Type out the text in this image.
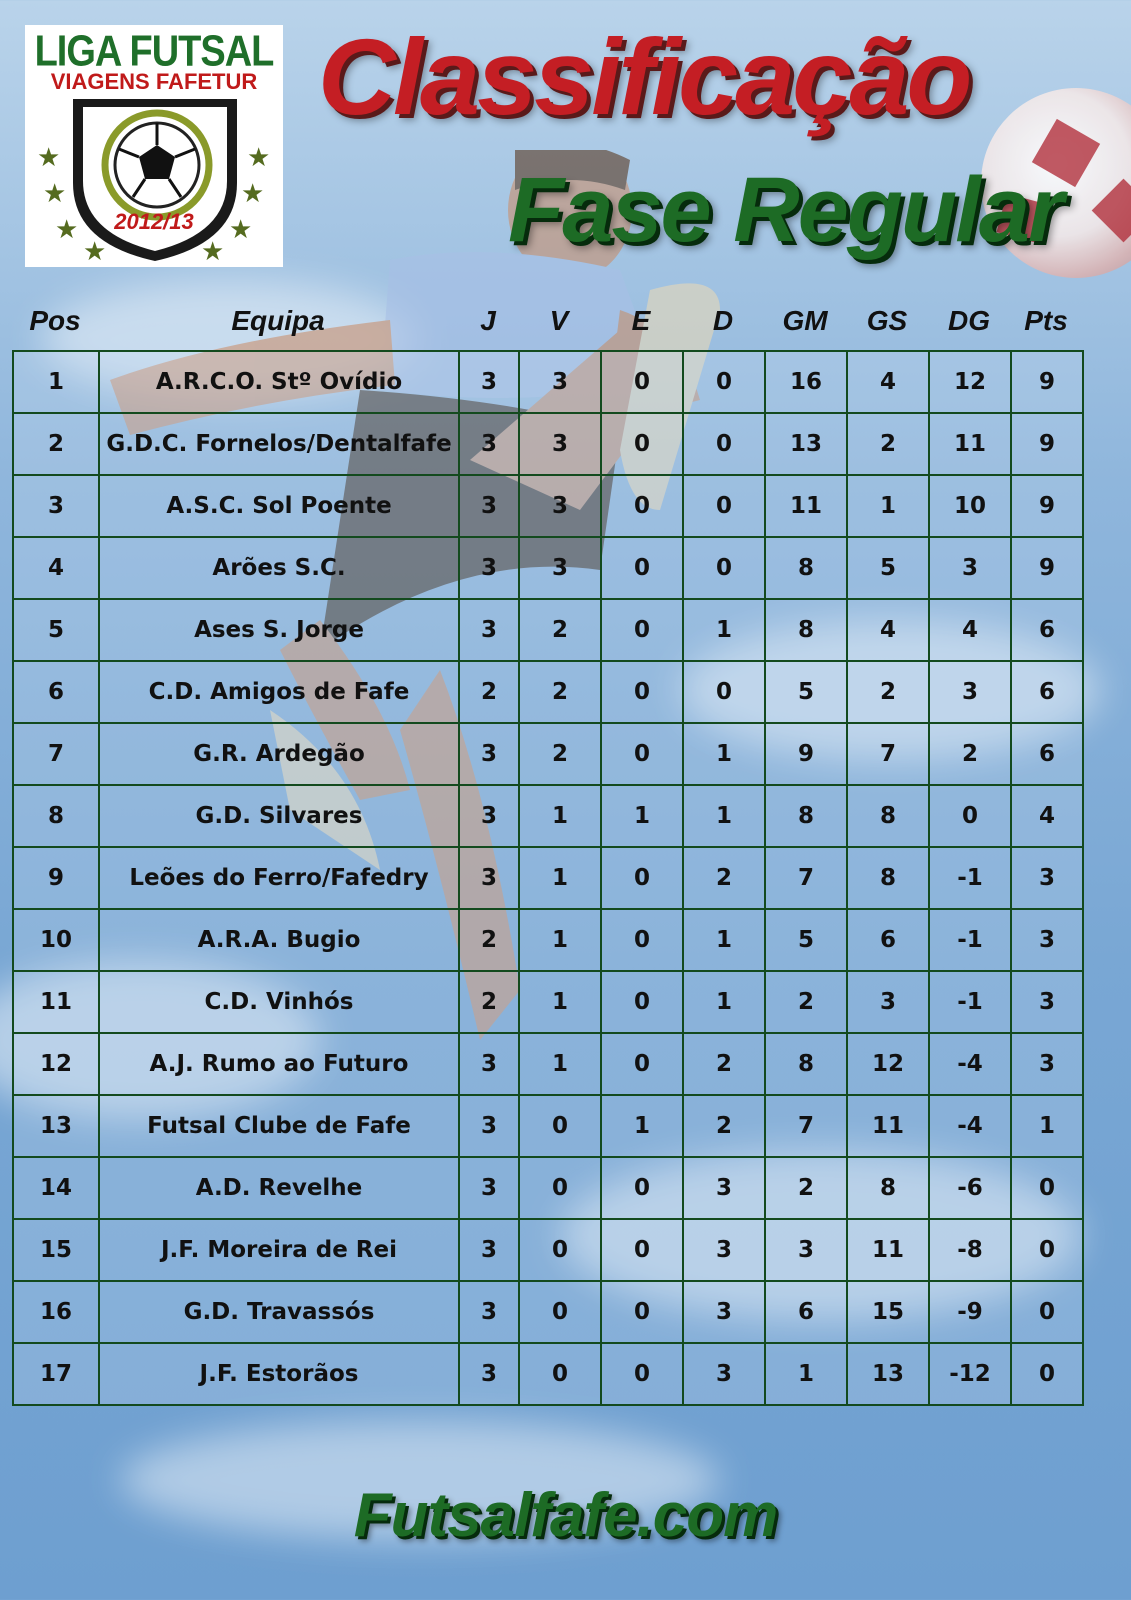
LIGA FUTSAL
VIAGENS FAFETUR
2012/13
★
★
★
★
★
★
★
★
Classificação
Fase Regular
Pos	Equipa	J	V	E	D	GM	GS	DG	Pts
1	A.R.C.O. Stº Ovídio	3	3	0	0	16	4	12	9
2	G.D.C. Fornelos/Dentalfafe	3	3	0	0	13	2	11	9
3	A.S.C. Sol Poente	3	3	0	0	11	1	10	9
4	Arões S.C.	3	3	0	0	8	5	3	9
5	Ases S. Jorge	3	2	0	1	8	4	4	6
6	C.D. Amigos de Fafe	2	2	0	0	5	2	3	6
7	G.R. Ardegão	3	2	0	1	9	7	2	6
8	G.D. Silvares	3	1	1	1	8	8	0	4
9	Leões do Ferro/Fafedry	3	1	0	2	7	8	-1	3
10	A.R.A. Bugio	2	1	0	1	5	6	-1	3
11	C.D. Vinhós	2	1	0	1	2	3	-1	3
12	A.J. Rumo ao Futuro	3	1	0	2	8	12	-4	3
13	Futsal Clube de Fafe	3	0	1	2	7	11	-4	1
14	A.D. Revelhe	3	0	0	3	2	8	-6	0
15	J.F. Moreira de Rei	3	0	0	3	3	11	-8	0
16	G.D. Travassós	3	0	0	3	6	15	-9	0
17	J.F. Estorãos	3	0	0	3	1	13	-12	0
Futsalfafe.com
